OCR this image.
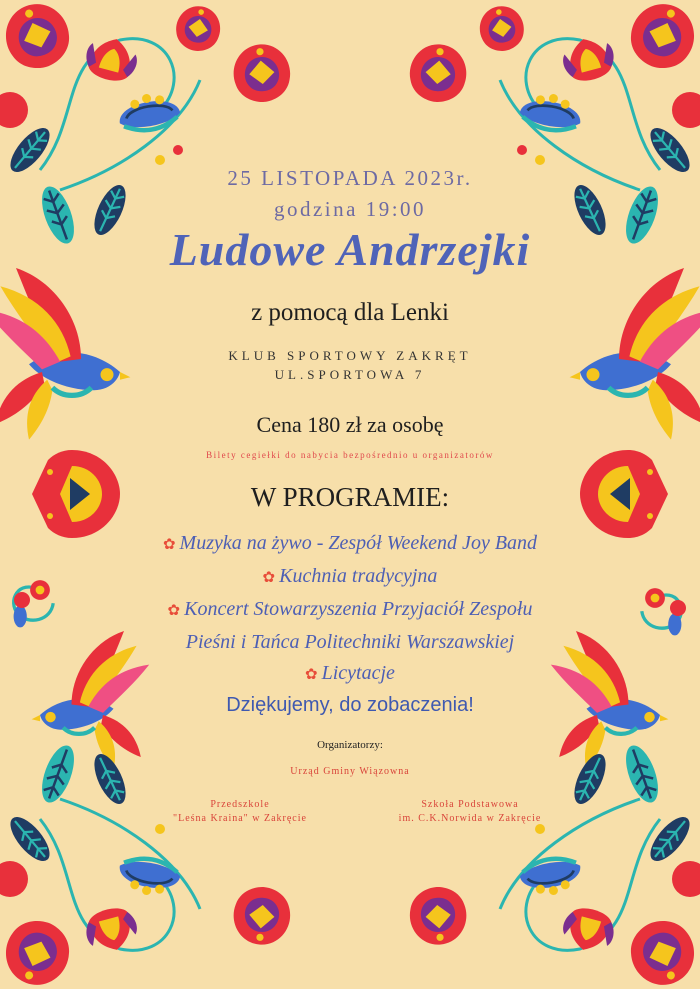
25 LISTOPADA 2023r.
godzina 19:00
Ludowe Andrzejki
z pomocą dla Lenki
KLUB SPORTOWY ZAKRĘT
UL.SPORTOWA 7
Cena 180 zł za osobę
Bilety cegiełki do nabycia bezpośrednio u organizatorów
W PROGRAMIE:
✿ Muzyka na żywo - Zespół Weekend Joy Band
✿ Kuchnia tradycyjna
✿ Koncert Stowarzyszenia Przyjaciół Zespołu
Pieśni i Tańca Politechniki Warszawskiej
✿ Licytacje
Dziękujemy, do zobaczenia!
Organizatorzy:
Urząd Gminy Wiązowna
Przedszkole
"Leśna Kraina" w Zakręcie
Szkoła Podstawowa
im. C.K.Norwida w Zakręcie
